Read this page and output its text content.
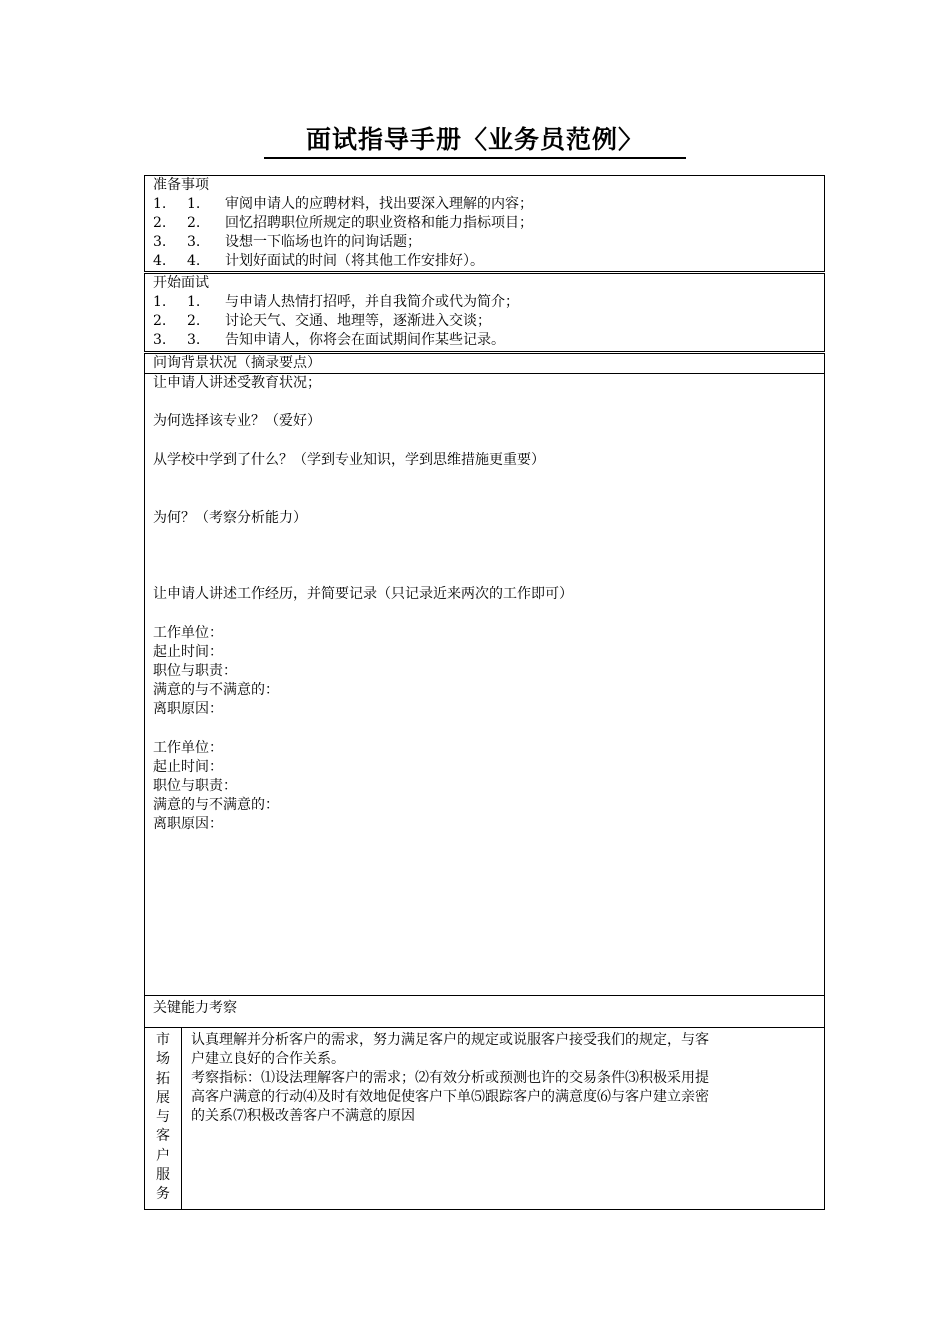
面试指导手册〈业务员范例〉
准备事项
1. 1. 审阅申请人的应聘材料，找出要深入理解的内容；
2. 2. 回忆招聘职位所规定的职业资格和能力指标项目；
3. 3. 设想一下临场也许的问询话题；
4. 4. 计划好面试的时间（将其他工作安排好）。
开始面试
1. 1. 与申请人热情打招呼，并自我简介或代为简介；
2. 2. 讨论天气、交通、地理等，逐渐进入交谈；
3. 3. 告知申请人，你将会在面试期间作某些记录。
问询背景状况（摘录要点）
让申请人讲述受教育状况；
为何选择该专业？（爱好）
从学校中学到了什么？（学到专业知识，学到思维措施更重要）
为何？（考察分析能力）
让申请人讲述工作经历，并简要记录（只记录近来两次的工作即可）
工作单位：
起止时间：
职位与职责：
满意的与不满意的：
离职原因：
工作单位：
起止时间：
职位与职责：
满意的与不满意的：
离职原因：
关键能力考察
市
场
拓
展
与
客
户
服
务
认真理解并分析客户的需求，努力满足客户的规定或说服客户接受我们的规定，与客
户建立良好的合作关系。
考察指标：⑴设法理解客户的需求；⑵有效分析或预测也许的交易条件⑶积极采用提
高客户满意的行动⑷及时有效地促使客户下单⑸跟踪客户的满意度⑹与客户建立亲密
的关系⑺积极改善客户不满意的原因
